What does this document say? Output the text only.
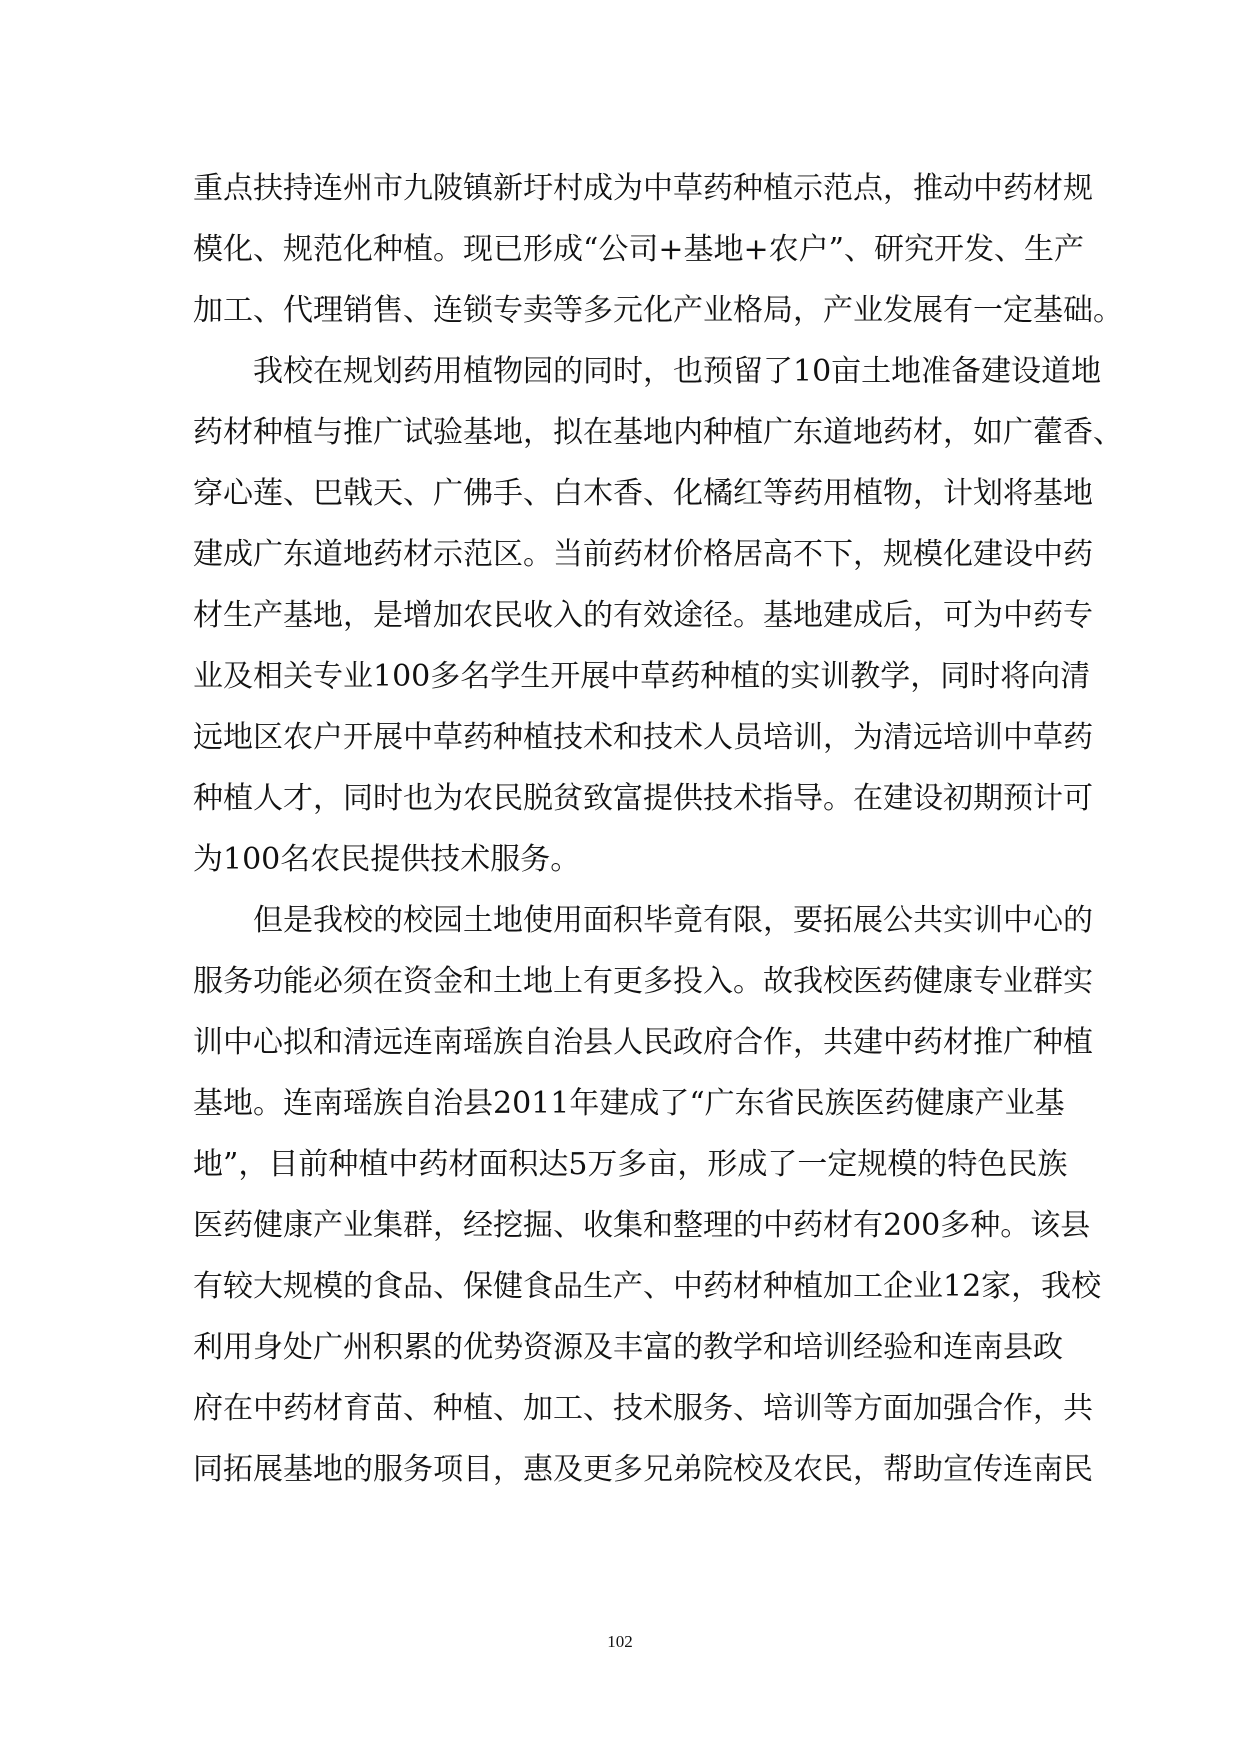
重点扶持连州市九陂镇新圩村成为中草药种植示范点，推动中药材规
模化、规范化种植。现已形成“公司+基地+农户”、研究开发、生产
加工、代理销售、连锁专卖等多元化产业格局，产业发展有一定基础。
我校在规划药用植物园的同时，也预留了10亩土地准备建设道地
药材种植与推广试验基地，拟在基地内种植广东道地药材，如广藿香、
穿心莲、巴戟天、广佛手、白木香、化橘红等药用植物，计划将基地
建成广东道地药材示范区。当前药材价格居高不下，规模化建设中药
材生产基地，是增加农民收入的有效途径。基地建成后，可为中药专
业及相关专业100多名学生开展中草药种植的实训教学，同时将向清
远地区农户开展中草药种植技术和技术人员培训，为清远培训中草药
种植人才，同时也为农民脱贫致富提供技术指导。在建设初期预计可
为100名农民提供技术服务。
但是我校的校园土地使用面积毕竟有限，要拓展公共实训中心的
服务功能必须在资金和土地上有更多投入。故我校医药健康专业群实
训中心拟和清远连南瑶族自治县人民政府合作，共建中药材推广种植
基地。连南瑶族自治县2011年建成了“广东省民族医药健康产业基
地”，目前种植中药材面积达5万多亩，形成了一定规模的特色民族
医药健康产业集群，经挖掘、收集和整理的中药材有200多种。该县
有较大规模的食品、保健食品生产、中药材种植加工企业12家，我校
利用身处广州积累的优势资源及丰富的教学和培训经验和连南县政
府在中药材育苗、种植、加工、技术服务、培训等方面加强合作，共
同拓展基地的服务项目，惠及更多兄弟院校及农民，帮助宣传连南民
102
